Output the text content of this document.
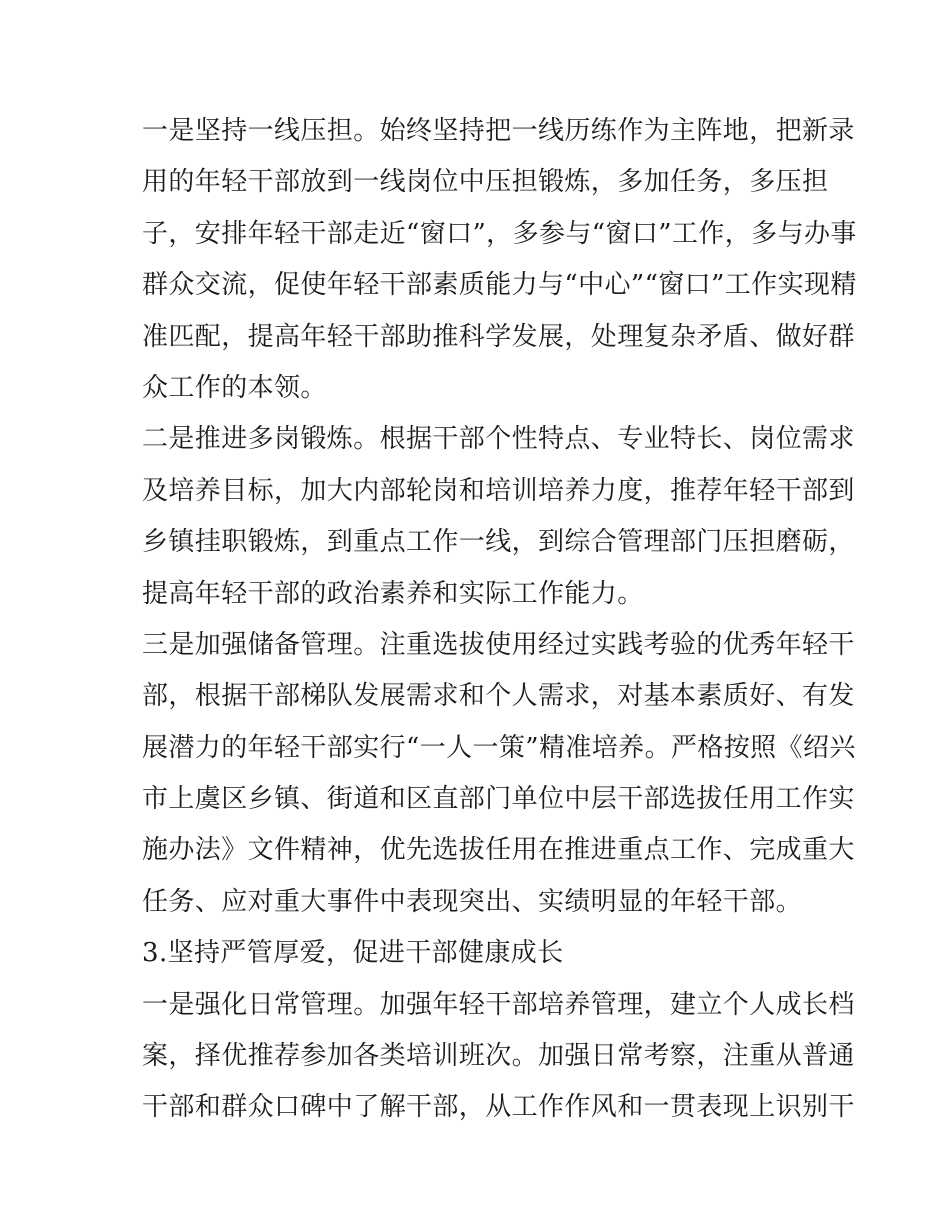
一是坚持一线压担。始终坚持把一线历练作为主阵地，把新录
用的年轻干部放到一线岗位中压担锻炼，多加任务，多压担
子，安排年轻干部走近“窗口”，多参与“窗口”工作，多与办事
群众交流，促使年轻干部素质能力与“中心”“窗口”工作实现精
准匹配，提高年轻干部助推科学发展，处理复杂矛盾、做好群
众工作的本领。
二是推进多岗锻炼。根据干部个性特点、专业特长、岗位需求
及培养目标，加大内部轮岗和培训培养力度，推荐年轻干部到
乡镇挂职锻炼，到重点工作一线，到综合管理部门压担磨砺，
提高年轻干部的政治素养和实际工作能力。
三是加强储备管理。注重选拔使用经过实践考验的优秀年轻干
部，根据干部梯队发展需求和个人需求，对基本素质好、有发
展潜力的年轻干部实行“一人一策”精准培养。严格按照《绍兴
市上虞区乡镇、街道和区直部门单位中层干部选拔任用工作实
施办法》文件精神，优先选拔任用在推进重点工作、完成重大
任务、应对重大事件中表现突出、实绩明显的年轻干部。
3.坚持严管厚爱，促进干部健康成长
一是强化日常管理。加强年轻干部培养管理，建立个人成长档
案，择优推荐参加各类培训班次。加强日常考察，注重从普通
干部和群众口碑中了解干部，从工作作风和一贯表现上识别干
